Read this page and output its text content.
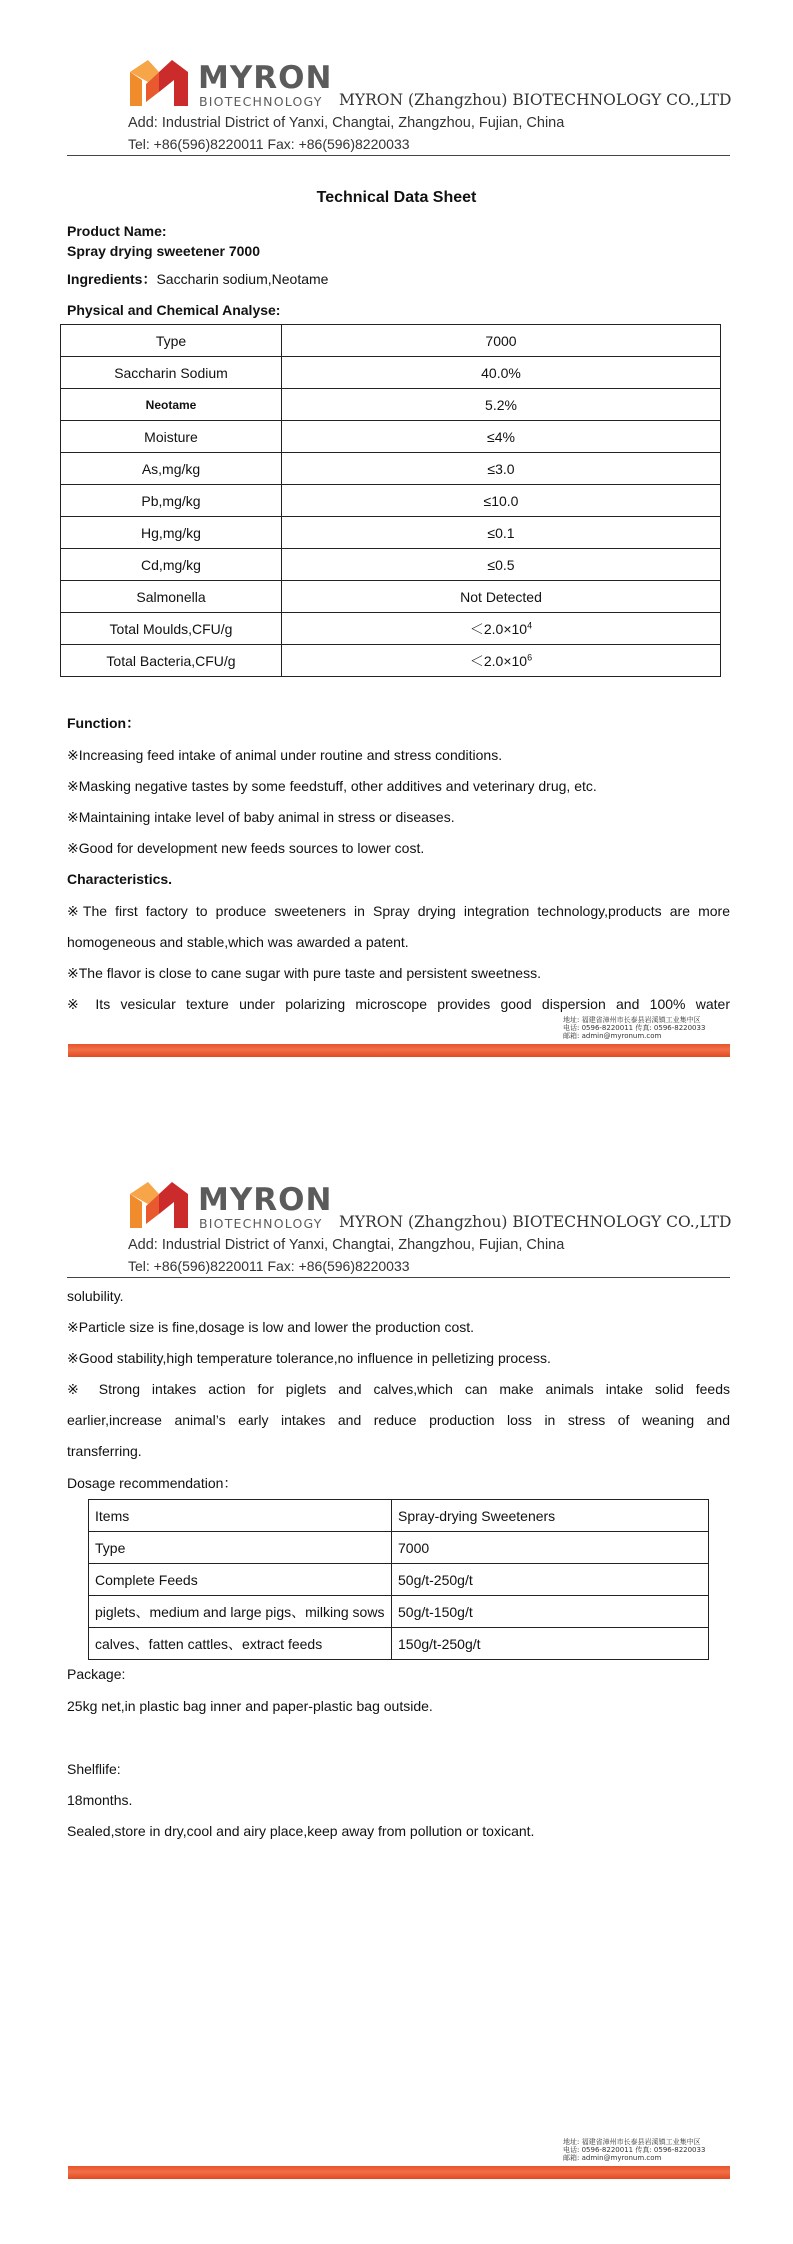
MYRON
BIOTECHNOLOGY MYRON (Zhangzhou) BIOTECHNOLOGY CO.,LTD
Add: Industrial District of Yanxi, Changtai, Zhangzhou, Fujian, China
Tel: +86(596)8220011 Fax: +86(596)8220033
Technical Data Sheet
Product Name:
Spray drying sweetener 7000
Ingredients：Saccharin sodium,Neotame
Physical and Chemical Analyse:
Type	7000
Saccharin Sodium	40.0%
Neotame	5.2%
Moisture	≤4%
As,mg/kg	≤3.0
Pb,mg/kg	≤10.0
Hg,mg/kg	≤0.1
Cd,mg/kg	≤0.5
Salmonella	Not Detected
Total Moulds,CFU/g	$<2.0\times 10^4$
Total Bacteria,CFU/g	$<2.0\times 10^6$
Function：
※Increasing feed intake of animal under routine and stress conditions.
※Masking negative tastes by some feedstuff, other additives and veterinary drug, etc.
※Maintaining intake level of baby animal in stress or diseases.
※Good for development new feeds sources to lower cost.
Characteristics.
※The first factory to produce sweeteners in Spray drying integration technology,products are more
homogeneous and stable,which was awarded a patent.
※The flavor is close to cane sugar with pure taste and persistent sweetness.
※ Its vesicular texture under polarizing microscope provides good dispersion and 100% water
地址: 福建省漳州市长泰县岩溪镇工业集中区
电话: 0596-8220011 传真: 0596-8220033
邮箱: admin@myronum.com
MYRON
BIOTECHNOLOGY MYRON (Zhangzhou) BIOTECHNOLOGY CO.,LTD
Add: Industrial District of Yanxi, Changtai, Zhangzhou, Fujian, China
Tel: +86(596)8220011 Fax: +86(596)8220033
solubility.
※Particle size is fine,dosage is low and lower the production cost.
※Good stability,high temperature tolerance,no influence in pelletizing process.
※ Strong intakes action for piglets and calves,which can make animals intake solid feeds
earlier,increase animal’s early intakes and reduce production loss in stress of weaning and
transferring.
Dosage recommendation：
Package:
25kg net,in plastic bag inner and paper-plastic bag outside.
Shelflife:
18months.
Sealed,store in dry,cool and airy place,keep away from pollution or toxicant.
地址: 福建省漳州市长泰县岩溪镇工业集中区
电话: 0596-8220011 传真: 0596-8220033
邮箱: admin@myronum.com
Items	Spray-drying Sweeteners
Type	7000
Complete Feeds	50g/t-250g/t
piglets、medium and large pigs、milking sows	50g/t-150g/t
calves、fatten cattles、extract feeds	150g/t-250g/t
